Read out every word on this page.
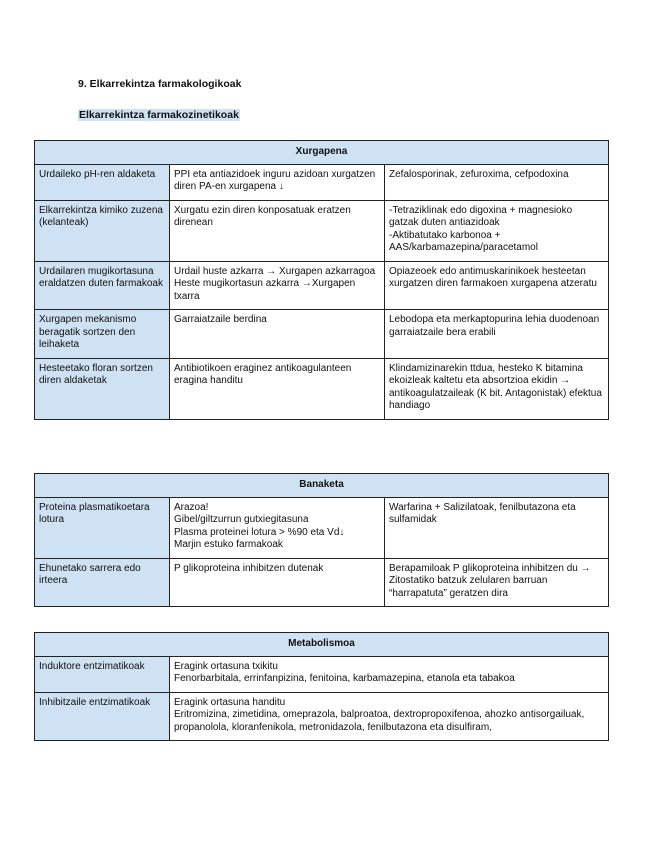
9. Elkarrekintza farmakologikoak
Elkarrekintza farmakozinetikoak
Xurgapena		
Urdaileko pH-ren aldaketa	PPI eta antiazidoek inguru azidoan xurgatzen diren PA-en xurgapena ↓	Zefalosporinak, zefuroxima, cefpodoxina

Elkarrekintza kimiko zuzena (kelanteak)	Xurgatu ezin diren konposatuak eratzen direnean	-Tetraziklinak edo digoxina + magnesioko gatzak duten antiazidoak
-Aktibatutako karbonoa + AAS/karbamazepina/paracetamol

Urdailaren mugikortasuna eraldatzen duten farmakoak	Urdail huste azkarra → Xurgapen azkarragoa
Heste mugikortasun azkarra →Xurgapen txarra	Opiazeoek edo antimuskarinikoek hesteetan xurgatzen diren farmakoen xurgapena atzeratu

Xurgapen mekanismo beragatik sortzen den leihaketa	Garraiatzaile berdina	Lebodopa eta merkaptopurina lehia duodenoan garraiatzaile bera erabili

Hesteetako floran sortzen diren aldaketak	Antibiotikoen eraginez antikoagulanteen eragina handitu	Klindamizinarekin ttdua, hesteko K bitamina ekoizleak kaltetu eta absortzioa ekidin → antikoagulatzaileak (K bit. Antagonistak) efektua handiago
Banaketa		
Proteina plasmatikoetara lotura	Arazoa!
Gibel/giltzurrun gutxiegitasuna
Plasma proteinei lotura > %90 eta Vd↓
Marjin estuko farmakoak	Warfarina + Salizilatoak, fenilbutazona eta sulfamidak

Ehunetako sarrera edo irteera	P glikoproteina inhibitzen dutenak	Berapamiloak P glikoproteina inhibitzen du → Zitostatiko batzuk zelularen barruan “harrapatuta” geratzen dira
Metabolismoa	
Induktore entzimatikoak	Eragink ortasuna txikitu
Fenorbarbitala, errinfanpizina, fenitoina, karbamazepina, etanola eta tabakoa

Inhibitzaile entzimatikoak	Eragink ortasuna handitu
Eritromizina, zimetidina, omeprazola, balproatoa, dextropropoxifenoa, ahozko antisorgailuak, propanolola, kloranfenikola, metronidazola, fenilbutazona eta disulfiram,
